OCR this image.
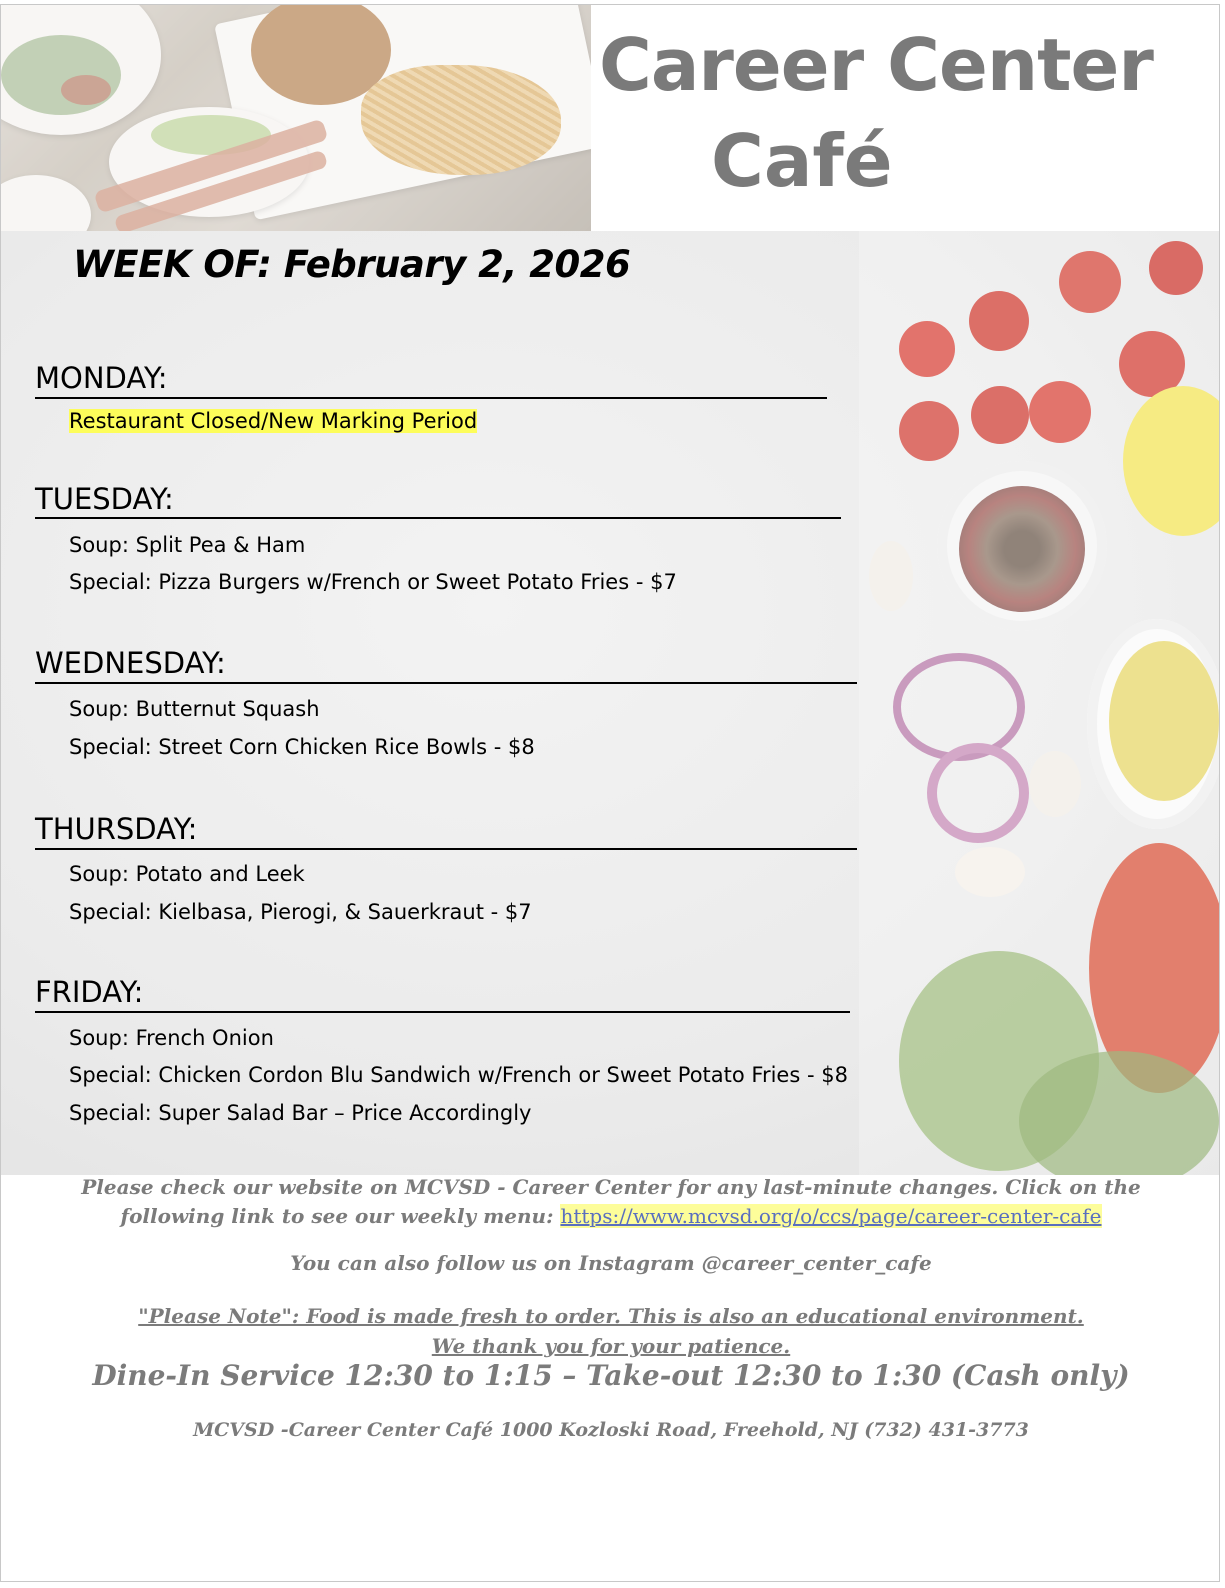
Career Center
Café
WEEK OF: February 2, 2026
MONDAY:
Restaurant Closed/New Marking Period
TUESDAY:
Soup: Split Pea & Ham
Special: Pizza Burgers w/French or Sweet Potato Fries - $7
WEDNESDAY:
Soup: Butternut Squash
Special: Street Corn Chicken Rice Bowls - $8
THURSDAY:
Soup: Potato and Leek
Special: Kielbasa, Pierogi, & Sauerkraut - $7
FRIDAY:
Soup: French Onion
Special: Chicken Cordon Blu Sandwich w/French or Sweet Potato Fries - $8
Special: Super Salad Bar – Price Accordingly
Please check our website on MCVSD - Career Center for any last-minute changes. Click on the
following link to see our weekly menu: https://www.mcvsd.org/o/ccs/page/career-center-cafe
You can also follow us on Instagram @career_center_cafe
"Please Note": Food is made fresh to order. This is also an educational environment.
We thank you for your patience.
Dine-In Service 12:30 to 1:15 – Take-out 12:30 to 1:30 (Cash only)
MCVSD -Career Center Café 1000 Kozloski Road, Freehold, NJ (732) 431-3773
